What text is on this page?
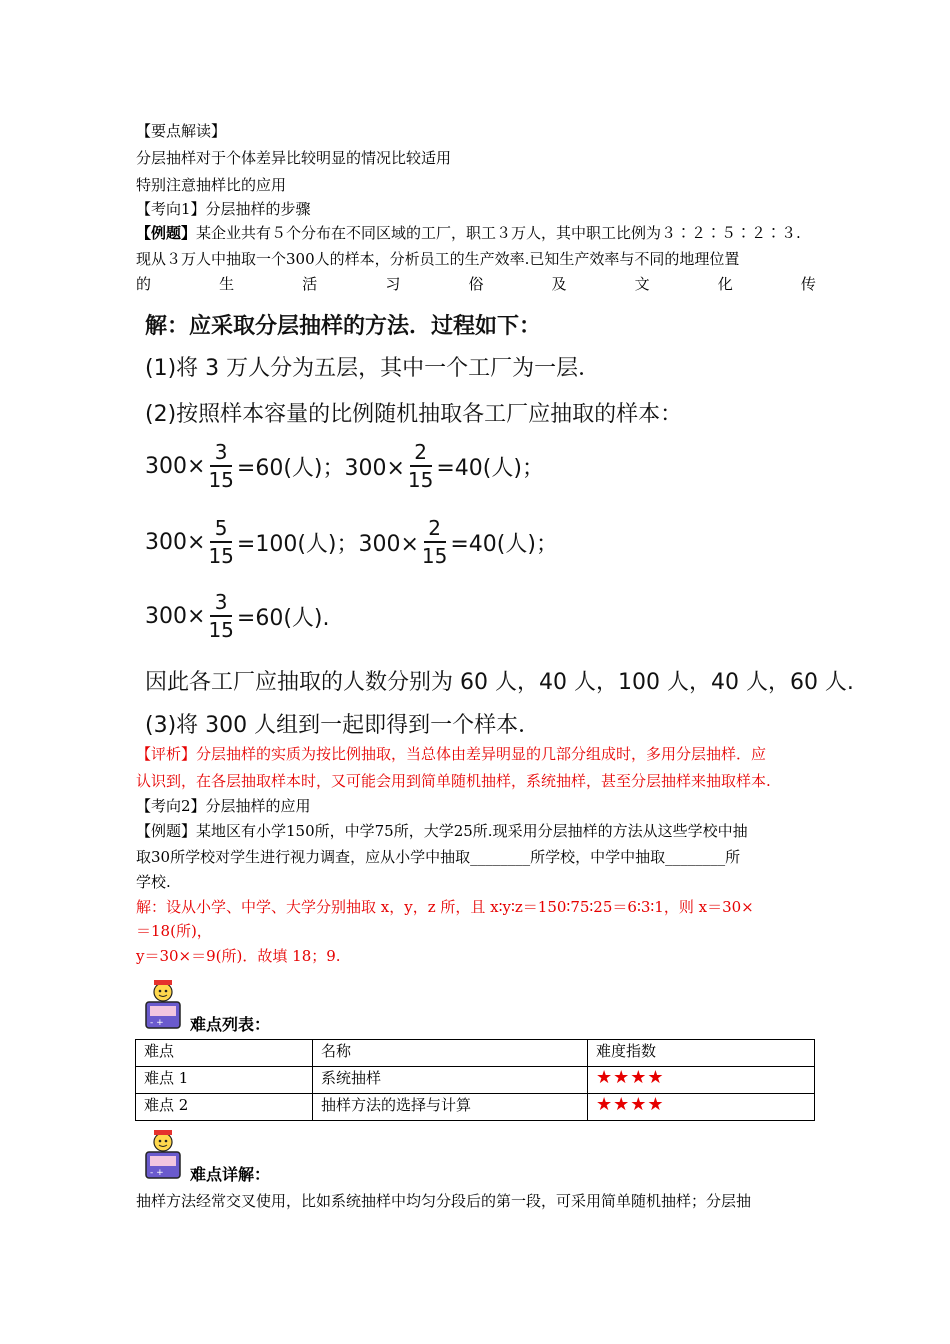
【要点解读】
分层抽样对于个体差异比较明显的情况比较适用
特别注意抽样比的应用
【考向1】分层抽样的步骤
【例题】某企业共有５个分布在不同区域的工厂，职工３万人，其中职工比例为３∶２∶５∶２∶３.
现从３万人中抽取一个300人的样本，分析员工的生产效率.已知生产效率与不同的地理位置
的	生	活	习	俗	及	文	化	传
解：应采取分层抽样的方法．过程如下：
(1)将 3 万人分为五层，其中一个工厂为一层．
(2)按照样本容量的比例随机抽取各工厂应抽取的样本：
$300\times \frac{3}{15} =60$(人)；$300\times \frac{2}{15} =40$(人)；
$300\times \frac{5}{15} =100$(人)；$300\times \frac{2}{15} =40$(人)；
$300\times \frac{3}{15} =60$(人).
因此各工厂应抽取的人数分别为 60 人，40 人，100 人，40 人，60 人.
(3)将 300 人组到一起即得到一个样本．
【评析】分层抽样的实质为按比例抽取，当总体由差异明显的几部分组成时，多用分层抽样．应
认识到，在各层抽取样本时，又可能会用到简单随机抽样，系统抽样，甚至分层抽样来抽取样本.
【考向2】分层抽样的应用
【例题】某地区有小学150所，中学75所，大学25所.现采用分层抽样的方法从这些学校中抽
取30所学校对学生进行视力调查，应从小学中抽取________所学校，中学中抽取________所
学校.
解：设从小学、中学、大学分别抽取 x，y，z 所，且 x∶y∶z＝150∶75∶25＝6∶3∶1，则 x＝30×
＝18(所)，
y＝30×＝9(所)．故填 18；9.
- + 难点列表：
难点	名称	难度指数
难点 1	系统抽样	★★★★
难点 2	抽样方法的选择与计算	★★★★
- + 难点详解：
抽样方法经常交叉使用，比如系统抽样中均匀分段后的第一段，可采用简单随机抽样；分层抽
